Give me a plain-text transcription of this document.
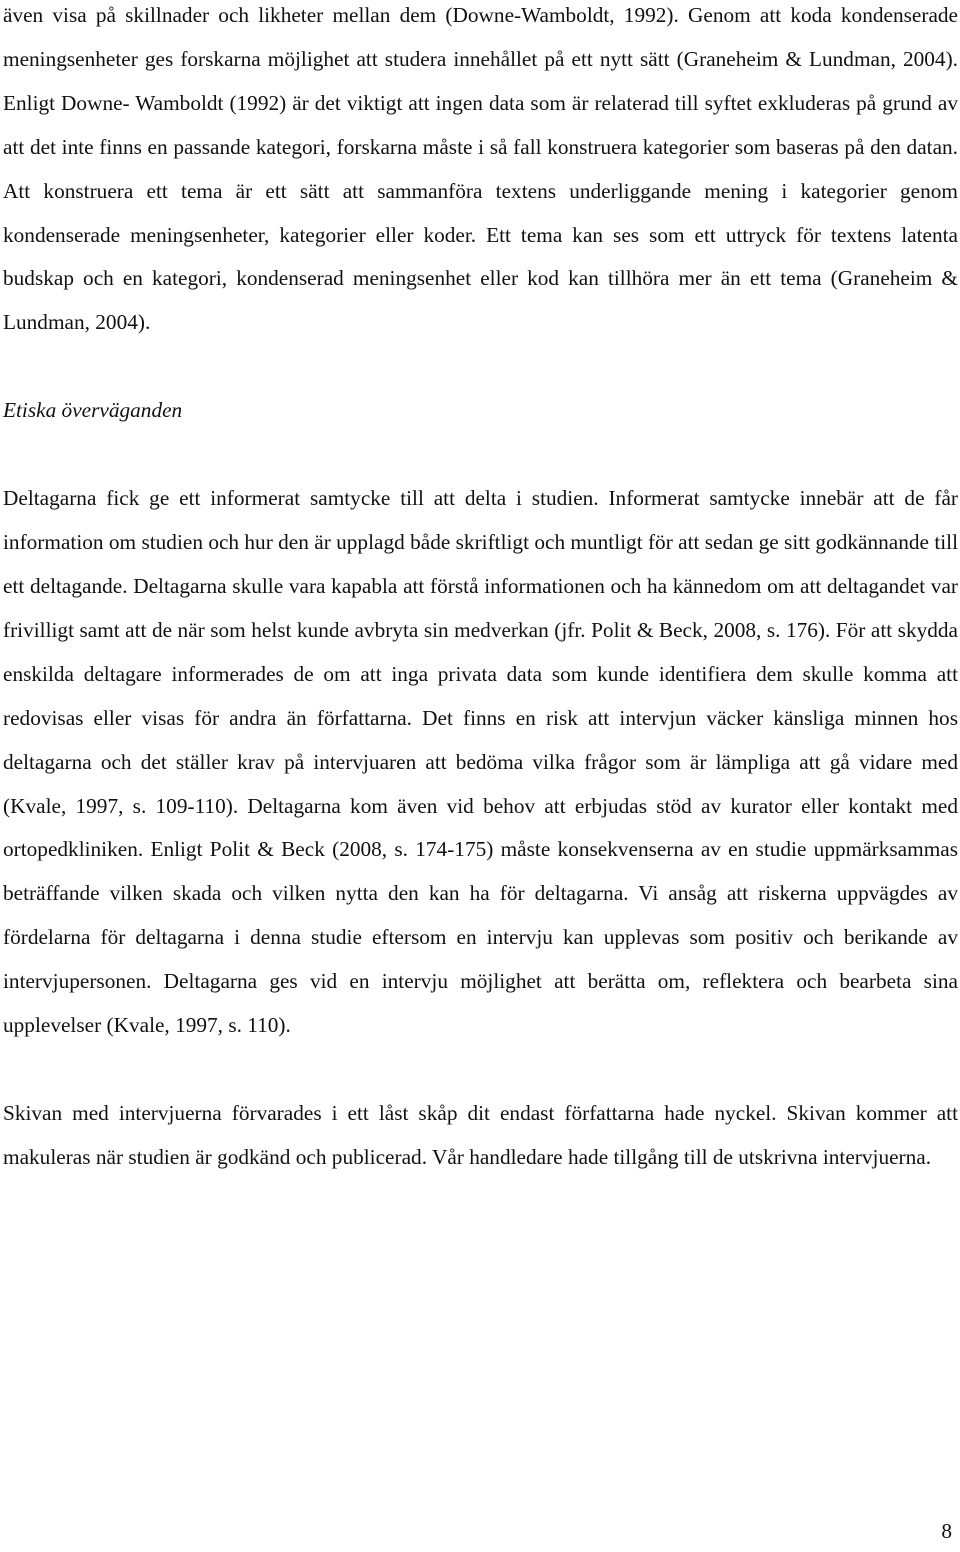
även visa på skillnader och likheter mellan dem (Downe-Wamboldt, 1992). Genom att koda kondenserade meningsenheter ges forskarna möjlighet att studera innehållet på ett nytt sätt (Graneheim & Lundman, 2004). Enligt Downe- Wamboldt (1992) är det viktigt att ingen data som är relaterad till syftet exkluderas på grund av att det inte finns en passande kategori, forskarna måste i så fall konstruera kategorier som baseras på den datan. Att konstruera ett tema är ett sätt att sammanföra textens underliggande mening i kategorier genom kondenserade meningsenheter, kategorier eller koder. Ett tema kan ses som ett uttryck för textens latenta budskap och en kategori, kondenserad meningsenhet eller kod kan tillhöra mer än ett tema (Graneheim & Lundman, 2004).

Etiska överväganden

Deltagarna fick ge ett informerat samtycke till att delta i studien. Informerat samtycke innebär att de får information om studien och hur den är upplagd både skriftligt och muntligt för att sedan ge sitt godkännande till ett deltagande. Deltagarna skulle vara kapabla att förstå informationen och ha kännedom om att deltagandet var frivilligt samt att de när som helst kunde avbryta sin medverkan (jfr. Polit & Beck, 2008, s. 176). För att skydda enskilda deltagare informerades de om att inga privata data som kunde identifiera dem skulle komma att redovisas eller visas för andra än författarna. Det finns en risk att intervjun väcker känsliga minnen hos deltagarna och det ställer krav på intervjuaren att bedöma vilka frågor som är lämpliga att gå vidare med (Kvale, 1997, s. 109-110). Deltagarna kom även vid behov att erbjudas stöd av kurator eller kontakt med ortopedkliniken. Enligt Polit & Beck (2008, s. 174-175) måste konsekvenserna av en studie uppmärksammas beträffande vilken skada och vilken nytta den kan ha för deltagarna. Vi ansåg att riskerna uppvägdes av fördelarna för deltagarna i denna studie eftersom en intervju kan upplevas som positiv och berikande av intervjupersonen. Deltagarna ges vid en intervju möjlighet att berätta om, reflektera och bearbeta sina upplevelser (Kvale, 1997, s. 110).

Skivan med intervjuerna förvarades i ett låst skåp dit endast författarna hade nyckel. Skivan kommer att makuleras när studien är godkänd och publicerad. Vår handledare hade tillgång till de utskrivna intervjuerna.

8
